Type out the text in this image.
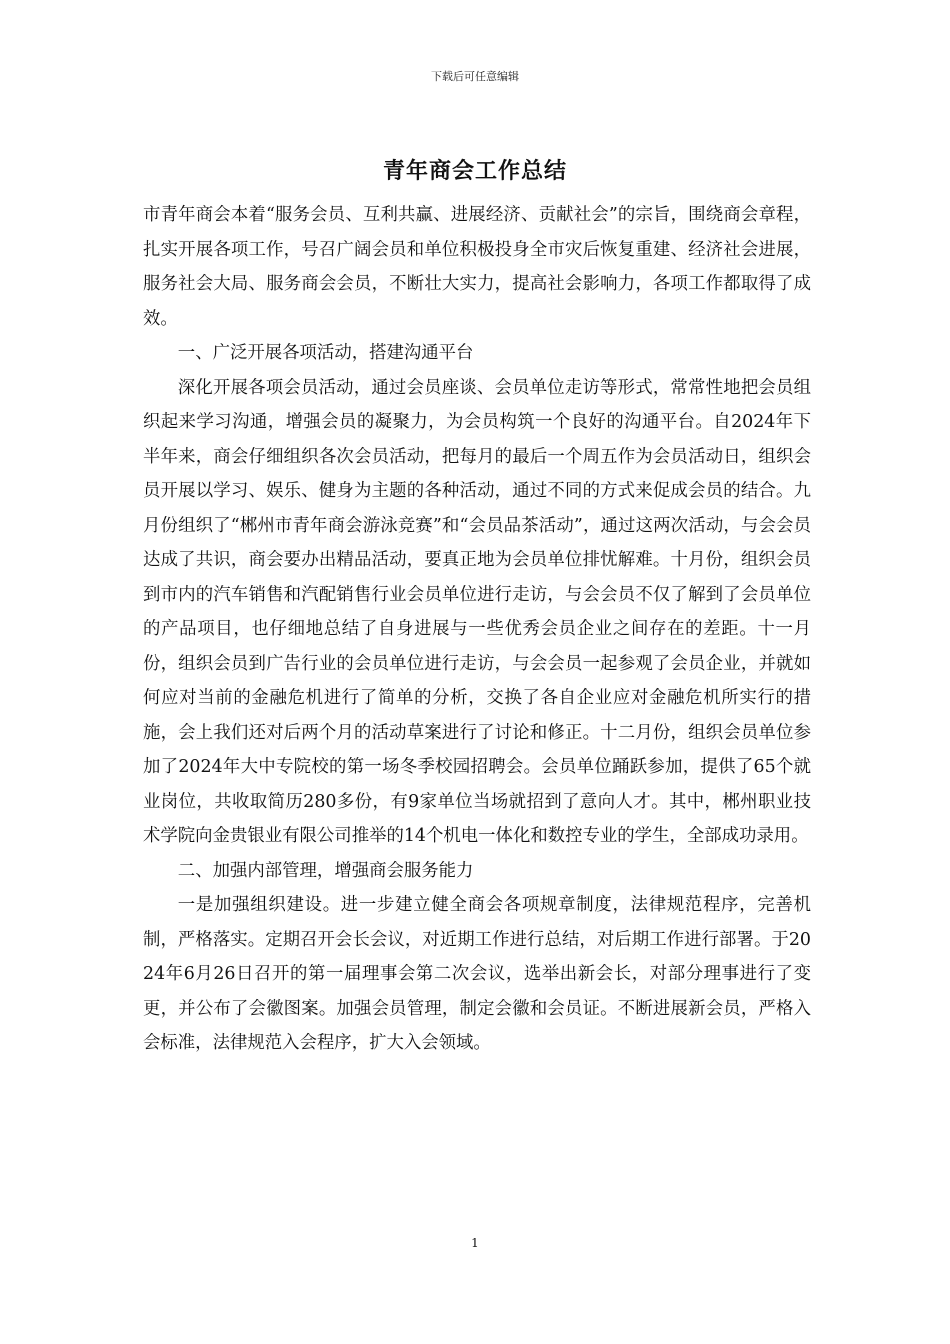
下载后可任意编辑
青年商会工作总结

市青年商会本着“服务会员、互利共赢、进展经济、贡献社会”的宗旨，围绕商会章程，扎实开展各项工作，号召广阔会员和单位积极投身全市灾后恢复重建、经济社会进展，服务社会大局、服务商会会员，不断壮大实力，提高社会影响力，各项工作都取得了成效。

一、广泛开展各项活动，搭建沟通平台

深化开展各项会员活动，通过会员座谈、会员单位走访等形式，常常性地把会员组织起来学习沟通，增强会员的凝聚力，为会员构筑一个良好的沟通平台。自2024年下半年来，商会仔细组织各次会员活动，把每月的最后一个周五作为会员活动日，组织会员开展以学习、娱乐、健身为主题的各种活动，通过不同的方式来促成会员的结合。九月份组织了“郴州市青年商会游泳竞赛”和“会员品茶活动”，通过这两次活动，与会会员达成了共识，商会要办出精品活动，要真正地为会员单位排忧解难。十月份，组织会员到市内的汽车销售和汽配销售行业会员单位进行走访，与会会员不仅了解到了会员单位的产品项目，也仔细地总结了自身进展与一些优秀会员企业之间存在的差距。十一月份，组织会员到广告行业的会员单位进行走访，与会会员一起参观了会员企业，并就如何应对当前的金融危机进行了简单的分析，交换了各自企业应对金融危机所实行的措施，会上我们还对后两个月的活动草案进行了讨论和修正。十二月份，组织会员单位参加了2024年大中专院校的第一场冬季校园招聘会。会员单位踊跃参加，提供了65个就业岗位，共收取简历280多份，有9家单位当场就招到了意向人才。其中，郴州职业技术学院向金贵银业有限公司推举的14个机电一体化和数控专业的学生，全部成功录用。

二、加强内部管理，增强商会服务能力

一是加强组织建设。进一步建立健全商会各项规章制度，法律规范程序，完善机制，严格落实。定期召开会长会议，对近期工作进行总结，对后期工作进行部署。于2024年6月26日召开的第一届理事会第二次会议，选举出新会长，对部分理事进行了变更，并公布了会徽图案。加强会员管理，制定会徽和会员证。不断进展新会员，严格入会标准，法律规范入会程序，扩大入会领域。

1
